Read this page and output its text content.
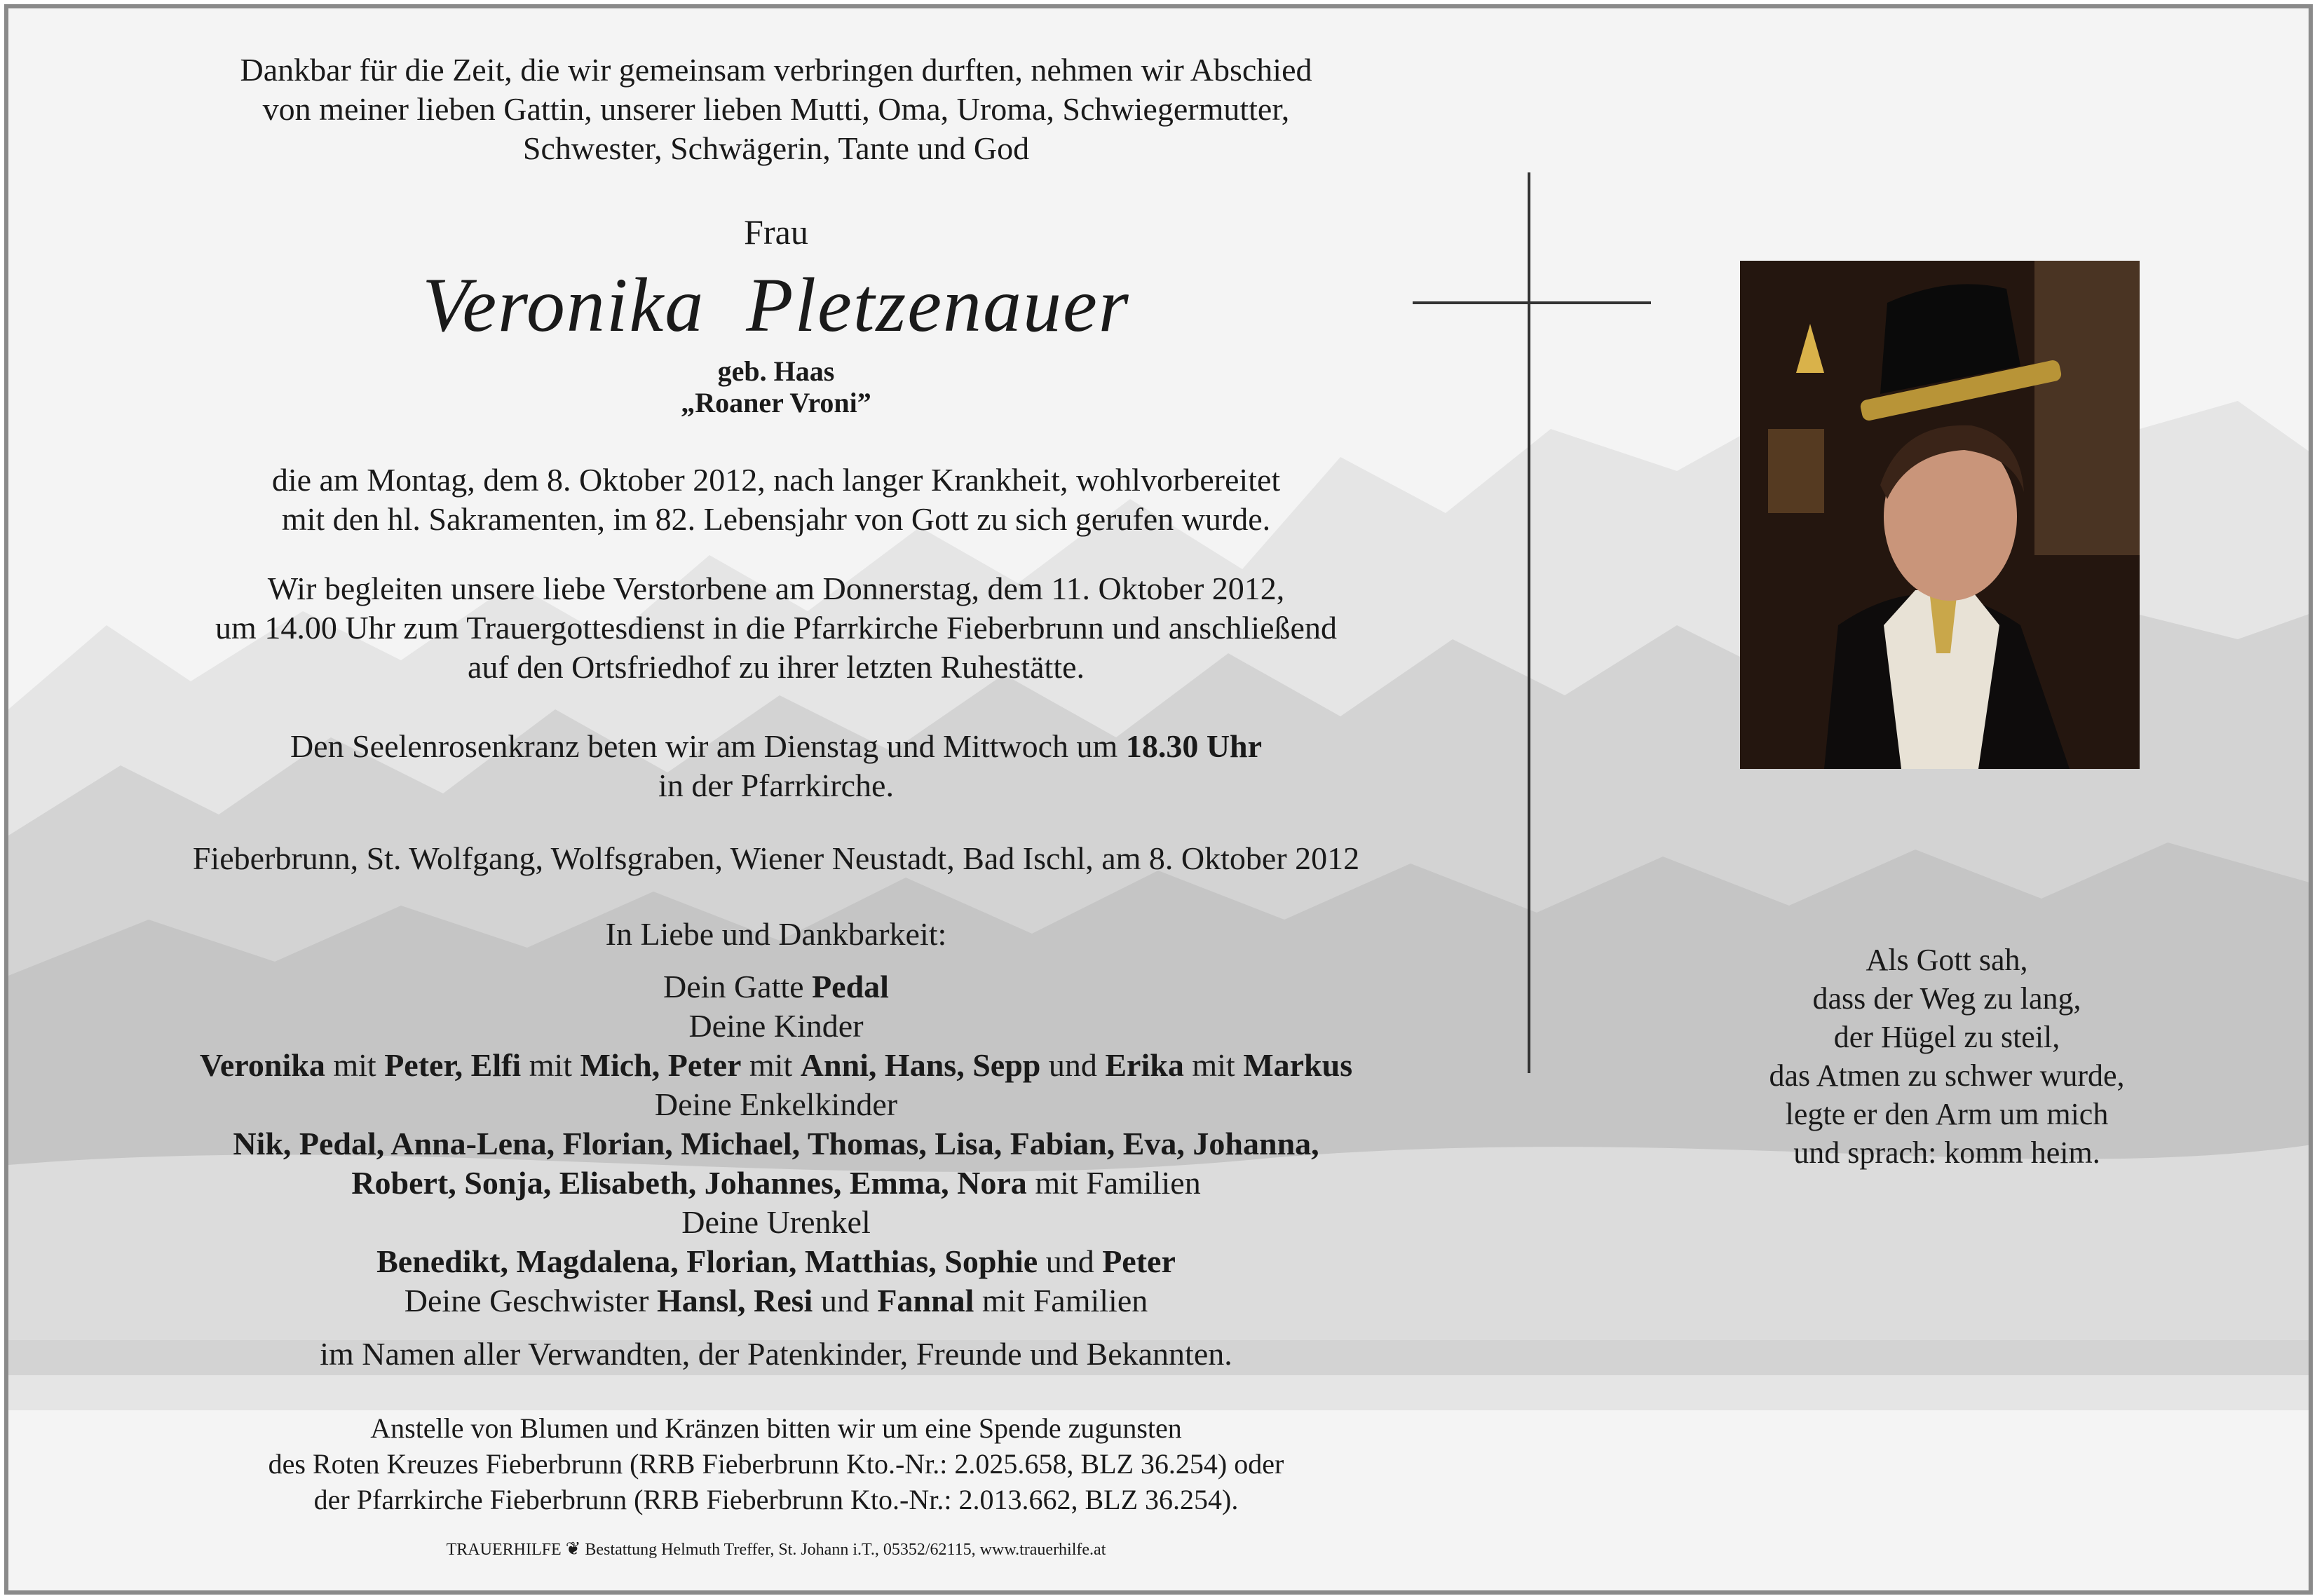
Dankbar für die Zeit, die wir gemeinsam verbringen durften, nehmen wir Abschied
von meiner lieben Gattin, unserer lieben Mutti, Oma, Uroma, Schwiegermutter,
Schwester, Schwägerin, Tante und God
Frau
Veronika  Pletzenauer
geb. Haas
„Roaner Vroni”
die am Montag, dem 8. Oktober 2012, nach langer Krankheit, wohlvorbereitet
mit den hl. Sakramenten, im 82. Lebensjahr von Gott zu sich gerufen wurde.
Wir begleiten unsere liebe Verstorbene am Donnerstag, dem 11. Oktober 2012,
um 14.00 Uhr zum Trauergottesdienst in die Pfarrkirche Fieberbrunn und anschließend
auf den Ortsfriedhof zu ihrer letzten Ruhestätte.
Den Seelenrosenkranz beten wir am Dienstag und Mittwoch um 18.30 Uhr
in der Pfarrkirche.
Fieberbrunn, St. Wolfgang, Wolfsgraben, Wiener Neustadt, Bad Ischl, am 8. Oktober 2012
In Liebe und Dankbarkeit:
Dein Gatte Pedal
Deine Kinder
Veronika mit Peter, Elfi mit Mich, Peter mit Anni, Hans, Sepp und Erika mit Markus
Deine Enkelkinder
Nik, Pedal, Anna-Lena, Florian, Michael, Thomas, Lisa, Fabian, Eva, Johanna,
Robert, Sonja, Elisabeth, Johannes, Emma, Nora mit Familien
Deine Urenkel
Benedikt, Magdalena, Florian, Matthias, Sophie und Peter
Deine Geschwister Hansl, Resi und Fannal mit Familien
im Namen aller Verwandten, der Patenkinder, Freunde und Bekannten.
Anstelle von Blumen und Kränzen bitten wir um eine Spende zugunsten
des Roten Kreuzes Fieberbrunn (RRB Fieberbrunn Kto.-Nr.: 2.025.658, BLZ 36.254) oder
der Pfarrkirche Fieberbrunn (RRB Fieberbrunn Kto.-Nr.: 2.013.662, BLZ 36.254).
TRAUERHILFE ❦ Bestattung Helmuth Treffer, St. Johann i.T., 05352/62115, www.trauerhilfe.at
Als Gott sah,
dass der Weg zu lang,
der Hügel zu steil,
das Atmen zu schwer wurde,
legte er den Arm um mich
und sprach: komm heim.
